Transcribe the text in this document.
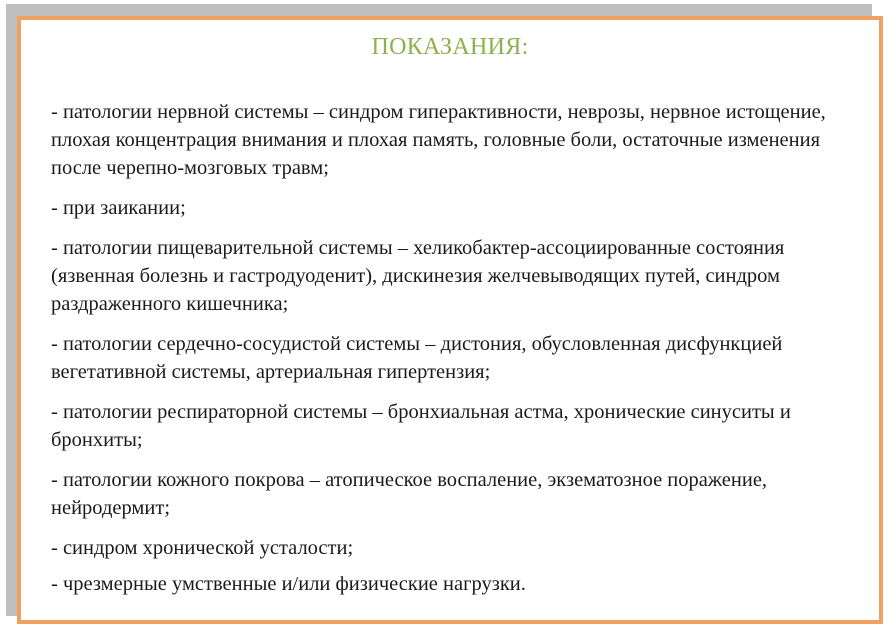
ПОКАЗАНИЯ:
- патологии нервной системы – синдром гиперактивности, неврозы, нервное истощение, плохая концентрация внимания и плохая память, головные боли, остаточные изменения после черепно-мозговых травм;
- при заикании;
- патологии пищеварительной системы – хеликобактер-ассоциированные состояния (язвенная болезнь и гастродуоденит), дискинезия желчевыводящих путей, синдром раздраженного кишечника;
- патологии сердечно-сосудистой системы – дистония, обусловленная дисфункцией вегетативной системы, артериальная гипертензия;
- патологии респираторной системы – бронхиальная астма, хронические синуситы и бронхиты;
- патологии кожного покрова – атопическое воспаление, экзематозное поражение, нейродермит;
- синдром хронической усталости;
- чрезмерные умственные и/или физические нагрузки.
